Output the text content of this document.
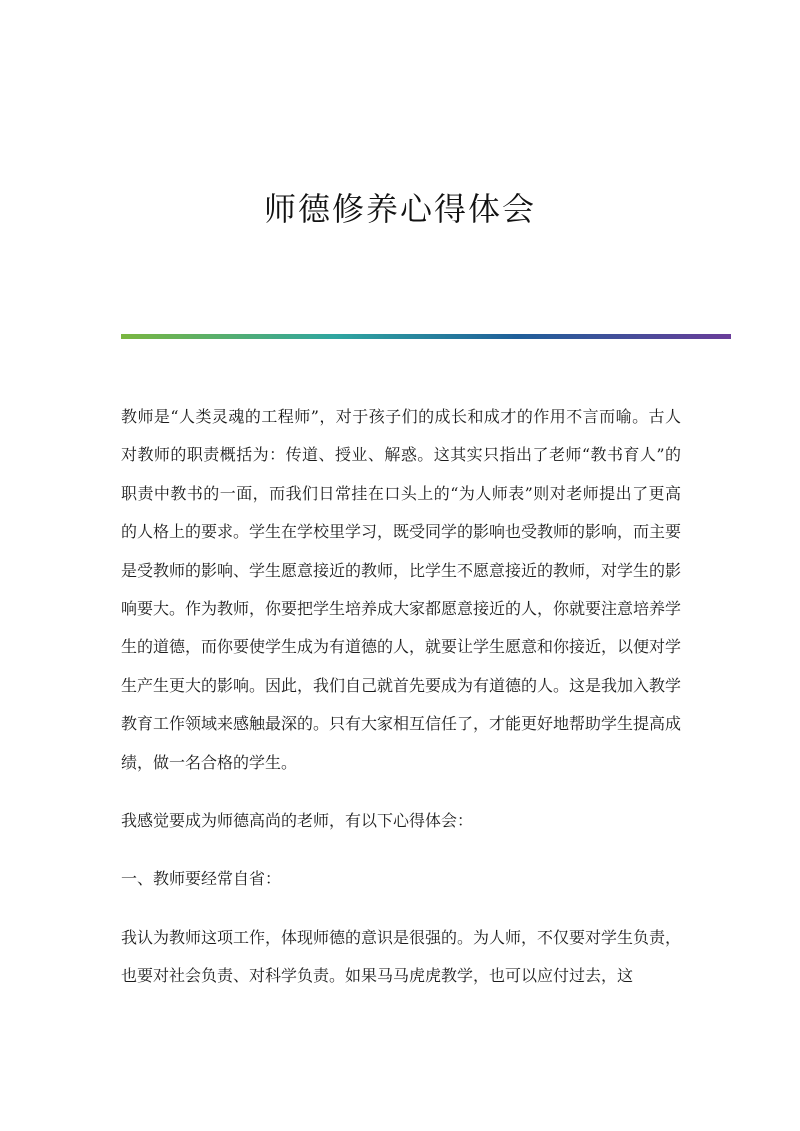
师德修养心得体会

教师是“人类灵魂的工程师”，对于孩子们的成长和成才的作用不言而喻。古人对教师的职责概括为：传道、授业、解惑。这其实只指出了老师“教书育人”的职责中教书的一面，而我们日常挂在口头上的“为人师表”则对老师提出了更高的人格上的要求。学生在学校里学习，既受同学的影响也受教师的影响，而主要是受教师的影响、学生愿意接近的教师，比学生不愿意接近的教师，对学生的影响要大。作为教师，你要把学生培养成大家都愿意接近的人，你就要注意培养学生的道德，而你要使学生成为有道德的人，就要让学生愿意和你接近，以便对学生产生更大的影响。因此，我们自己就首先要成为有道德的人。这是我加入教学教育工作领域来感触最深的。只有大家相互信任了，才能更好地帮助学生提高成绩，做一名合格的学生。

我感觉要成为师德高尚的老师，有以下心得体会：

一、教师要经常自省：

我认为教师这项工作，体现师德的意识是很强的。为人师，不仅要对学生负责，也要对社会负责、对科学负责。如果马马虎虎教学，也可以应付过去，这
